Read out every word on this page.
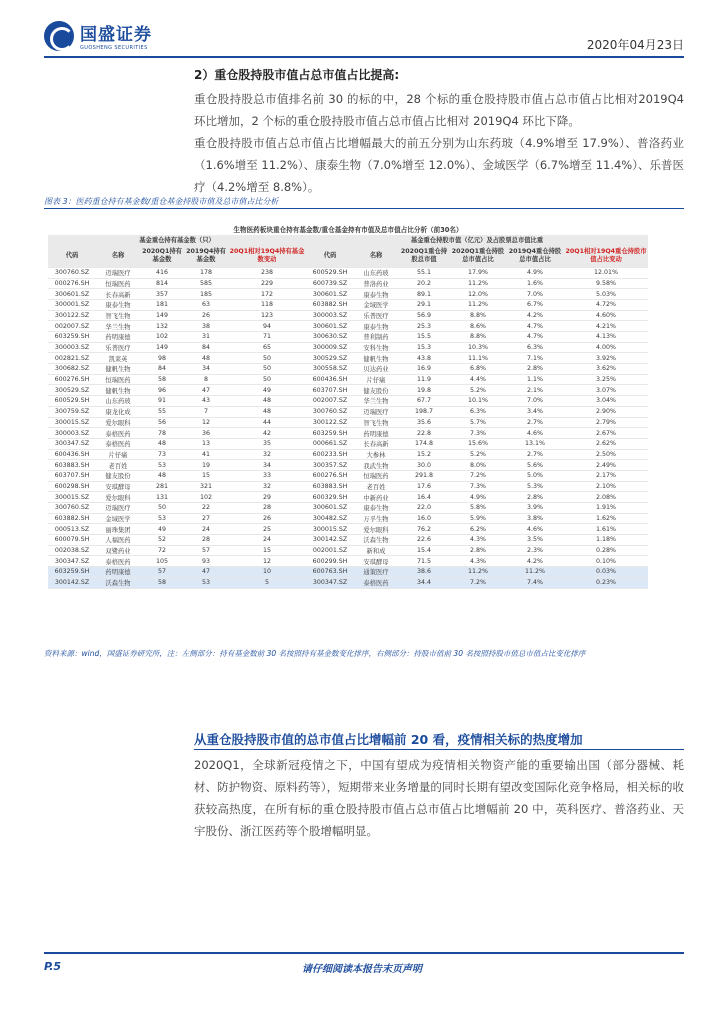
国盛证券
GUOSHENG SECURITIES	2020年04月23日
2）重仓股持股市值占总市值占比提高:
重仓股持股总市值排名前 30 的标的中，28 个标的重仓股持股市值占总市值占比相对2019Q4 环比增加，2 个标的重仓股持股市值占总市值占比相对 2019Q4 环比下降。
重仓股持股市值占总市值占比增幅最大的前五分别为山东药玻（4.9%增至 17.9%）、普洛药业（1.6%增至 11.2%）、康泰生物（7.0%增至 12.0%）、金域医学（6.7%增至 11.4%）、乐普医疗（4.2%增至 8.8%）。
图表 3：医药重仓持有基金数/重仓基金持股市值及总市值占比分析
生物医药板块重仓持有基金数/重仓基金持有市值及总市值占比分析（前30名）										
基金重仓持有基金数（只）					基金重仓持股市值（亿元）及占股票总市值比重					
代码	名称	2020Q1持有基金数	2019Q4持有基金数	20Q1相对19Q4持有基金数变动	代码	名称	2020Q1重仓持股总市值	2020Q1重仓持股总市值占比	2019Q4重仓持股总市值占比	20Q1相对19Q4重仓持股市值占比变动
300760.SZ	迈瑞医疗	416	178	238	600529.SH	山东药玻	55.1	17.9%	4.9%	12.01%
000276.SH	恒瑞医药	814	585	229	600739.SZ	普洛药业	20.2	11.2%	1.6%	9.58%
300601.SZ	长春高新	357	185	172	300601.SZ	康泰生物	89.1	12.0%	7.0%	5.03%
300001.SZ	康泰生物	181	63	118	603882.SH	金域医学	29.1	11.2%	6.7%	4.72%
300122.SZ	智飞生物	149	26	123	300003.SZ	乐普医疗	56.9	8.8%	4.2%	4.60%
002007.SZ	华兰生物	132	38	94	300601.SZ	康泰生物	25.3	8.6%	4.7%	4.21%
603259.SH	药明康德	102	31	71	300630.SZ	普利制药	15.5	8.8%	4.7%	4.13%
300003.SZ	乐普医疗	149	84	65	300009.SZ	安科生物	15.3	10.3%	6.3%	4.00%
002821.SZ	凯莱英	98	48	50	300529.SZ	健帆生物	43.8	11.1%	7.1%	3.92%
300682.SZ	健帆生物	84	34	50	300558.SZ	贝达药业	16.9	6.8%	2.8%	3.62%
600276.SH	恒瑞医药	58	8	50	600436.SH	片仔癀	11.9	4.4%	1.1%	3.25%
300529.SZ	健帆生物	96	47	49	603707.SH	健友股份	19.8	5.2%	2.1%	3.07%
600529.SH	山东药玻	91	43	48	002007.SZ	华兰生物	67.7	10.1%	7.0%	3.04%
300759.SZ	康龙化成	55	7	48	300760.SZ	迈瑞医疗	198.7	6.3%	3.4%	2.90%
300015.SZ	爱尔眼科	56	12	44	300122.SZ	智飞生物	35.6	5.7%	2.7%	2.79%
300003.SZ	泰格医药	78	36	42	603259.SH	药明康德	22.8	7.3%	4.6%	2.67%
300347.SZ	泰格医药	48	13	35	000661.SZ	长春高新	174.8	15.6%	13.1%	2.62%
600436.SH	片仔癀	73	41	32	600233.SH	大参林	15.2	5.2%	2.7%	2.50%
603883.SH	老百姓	53	19	34	300357.SZ	我武生物	30.0	8.0%	5.6%	2.49%
603707.SH	健友股份	48	15	33	600276.SH	恒瑞医药	291.8	7.2%	5.0%	2.17%
600298.SH	安琪酵母	281	321	32	603883.SH	老百姓	17.6	7.3%	5.3%	2.10%
300015.SZ	爱尔眼科	131	102	29	600329.SH	中新药业	16.4	4.9%	2.8%	2.08%
300760.SZ	迈瑞医疗	50	22	28	300601.SZ	康泰生物	22.0	5.8%	3.9%	1.91%
603882.SH	金域医学	53	27	26	300482.SZ	万孚生物	16.0	5.9%	3.8%	1.62%
000513.SZ	丽珠集团	49	24	25	300015.SZ	爱尔眼科	76.2	6.2%	4.6%	1.61%
600079.SH	人福医药	52	28	24	300142.SZ	沃森生物	22.6	4.3%	3.5%	1.18%
002038.SZ	双鹭药业	72	57	15	002001.SZ	新和成	15.4	2.8%	2.3%	0.28%
300347.SZ	泰格医药	105	93	12	600299.SH	安琪酵母	71.5	4.3%	4.2%	0.10%
603259.SH	药明康德	57	47	10	600763.SH	通策医疗	38.6	11.2%	11.2%	0.03%
300142.SZ	沃森生物	58	53	5	300347.SZ	泰格医药	34.4	7.2%	7.4%	0.23%
资料来源：wind，国盛证券研究所，注：左侧部分：持有基金数前 30 名按照持有基金数变化排序，右侧部分：持股市值前 30 名按照持股市值总市值占比变化排序
从重仓股持股市值的总市值占比增幅前 20 看，疫情相关标的热度增加
2020Q1，全球新冠疫情之下，中国有望成为疫情相关物资产能的重要输出国（部分器械、耗材、防护物资、原料药等），短期带来业务增量的同时长期有望改变国际化竞争格局，相关标的收获较高热度，在所有标的重仓股持股市值占总市值占比增幅前 20 中，英科医疗、普洛药业、天宇股份、浙江医药等个股增幅明显。
P.5	请仔细阅读本报告末页声明
